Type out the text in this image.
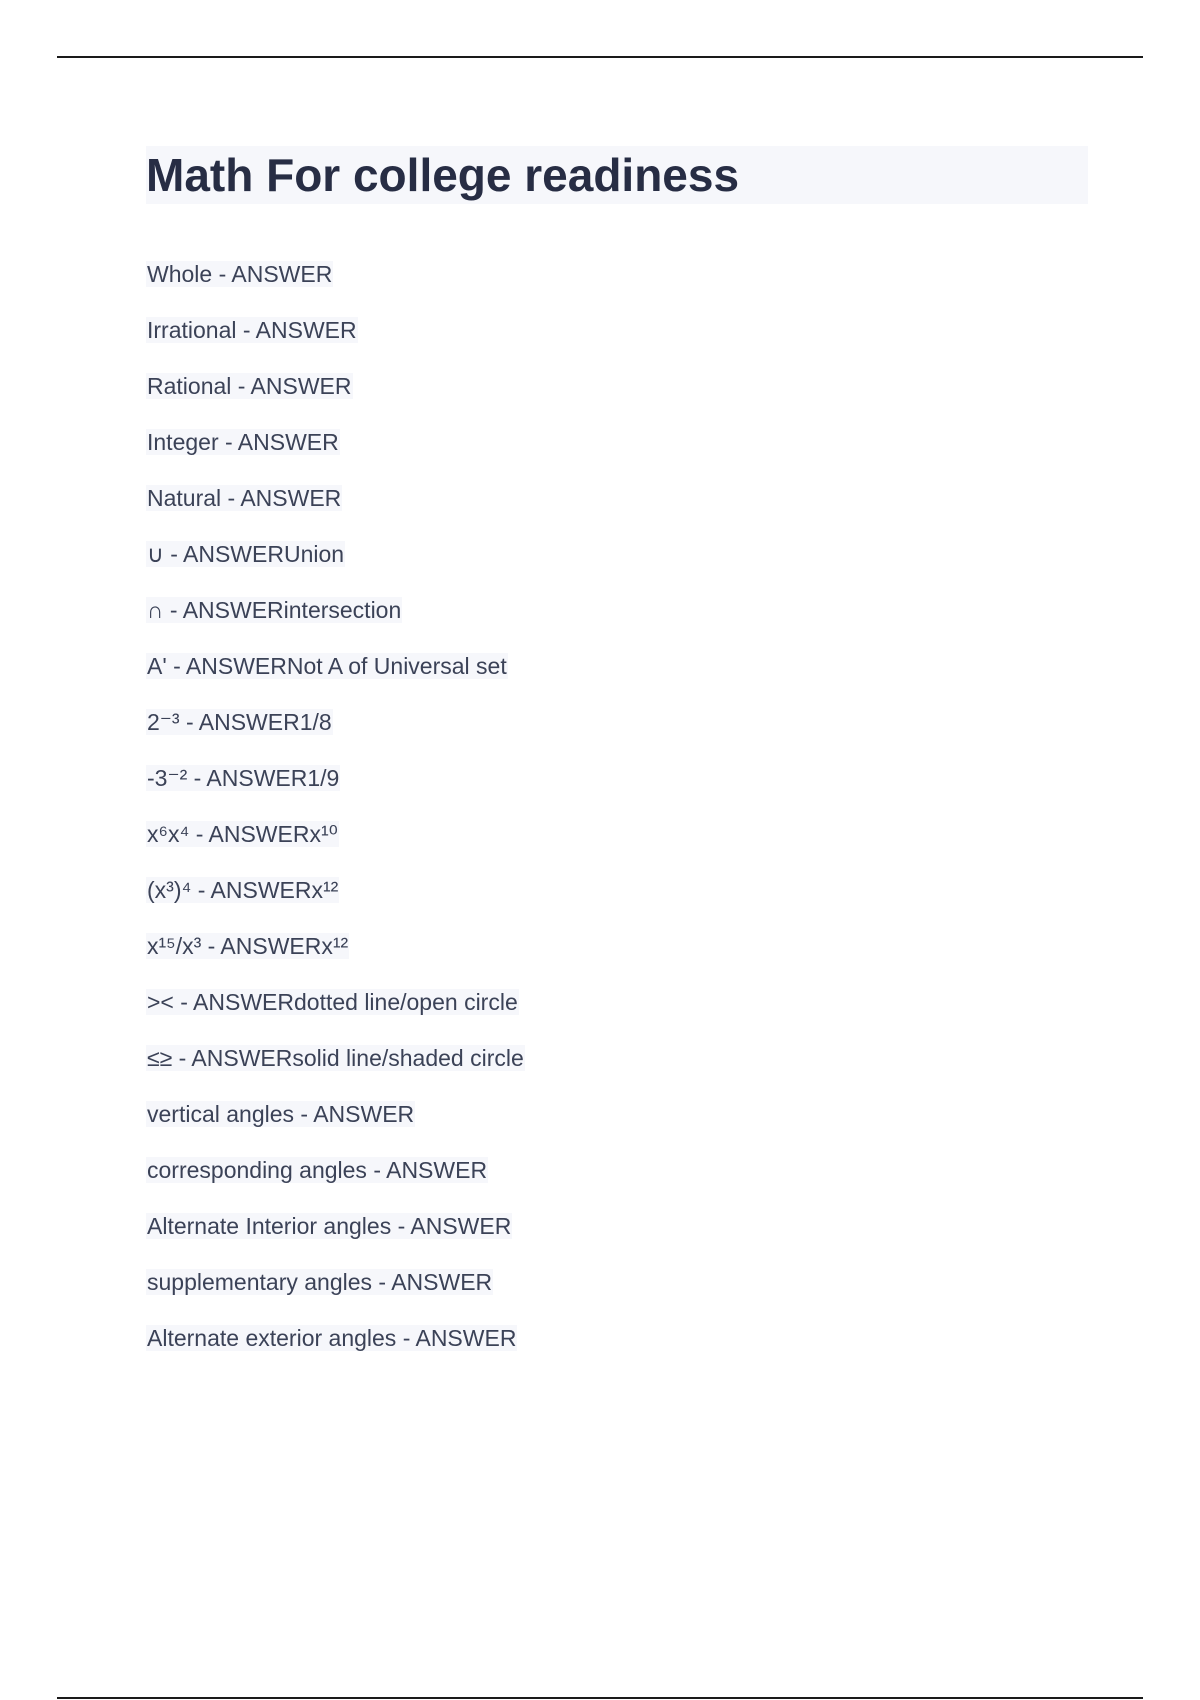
Math For college readiness
Whole - ANSWER
Irrational - ANSWER
Rational - ANSWER
Integer - ANSWER
Natural - ANSWER
∪ - ANSWERUnion
∩ - ANSWERintersection
A' - ANSWERNot A of Universal set
2⁻³ - ANSWER1/8
-3⁻² - ANSWER1/9
x⁶x⁴ - ANSWERx¹⁰
(x³)⁴ - ANSWERx¹²
x¹⁵/x³ - ANSWERx¹²
>< - ANSWERdotted line/open circle
≤≥ - ANSWERsolid line/shaded circle
vertical angles - ANSWER
corresponding angles - ANSWER
Alternate Interior angles - ANSWER
supplementary angles - ANSWER
Alternate exterior angles - ANSWER
